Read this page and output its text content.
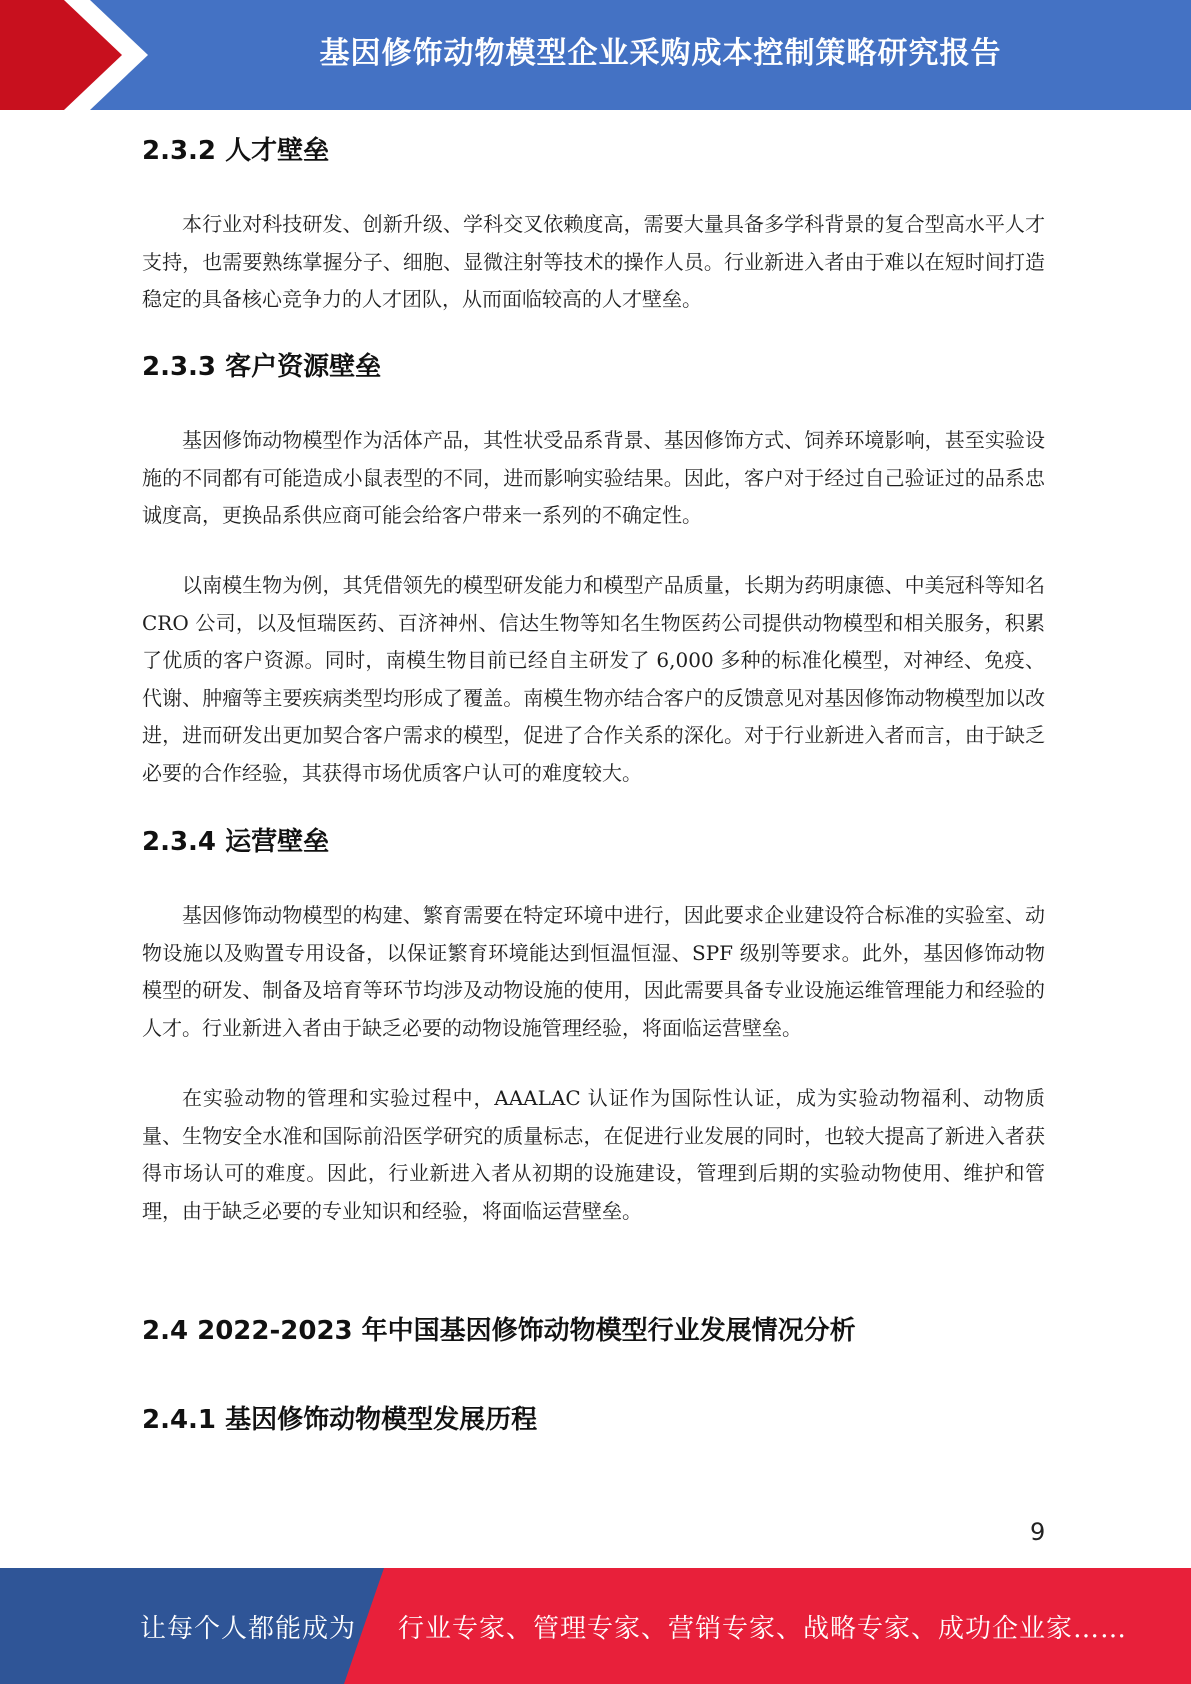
基因修饰动物模型企业采购成本控制策略研究报告
2.3.2 人才壁垒

本行业对科技研发、创新升级、学科交叉依赖度高，需要大量具备多学科背景的复合型高水平人才支持，也需要熟练掌握分子、细胞、显微注射等技术的操作人员。行业新进入者由于难以在短时间打造稳定的具备核心竞争力的人才团队，从而面临较高的人才壁垒。

2.3.3 客户资源壁垒

基因修饰动物模型作为活体产品，其性状受品系背景、基因修饰方式、饲养环境影响，甚至实验设施的不同都有可能造成小鼠表型的不同，进而影响实验结果。因此，客户对于经过自己验证过的品系忠诚度高，更换品系供应商可能会给客户带来一系列的不确定性。

以南模生物为例，其凭借领先的模型研发能力和模型产品质量，长期为药明康德、中美冠科等知名 CRO 公司，以及恒瑞医药、百济神州、信达生物等知名生物医药公司提供动物模型和相关服务，积累了优质的客户资源。同时，南模生物目前已经自主研发了 6,000 多种的标准化模型，对神经、免疫、代谢、肿瘤等主要疾病类型均形成了覆盖。南模生物亦结合客户的反馈意见对基因修饰动物模型加以改进，进而研发出更加契合客户需求的模型，促进了合作关系的深化。对于行业新进入者而言，由于缺乏必要的合作经验，其获得市场优质客户认可的难度较大。

2.3.4 运营壁垒

基因修饰动物模型的构建、繁育需要在特定环境中进行，因此要求企业建设符合标准的实验室、动物设施以及购置专用设备，以保证繁育环境能达到恒温恒湿、SPF 级别等要求。此外，基因修饰动物模型的研发、制备及培育等环节均涉及动物设施的使用，因此需要具备专业设施运维管理能力和经验的人才。行业新进入者由于缺乏必要的动物设施管理经验，将面临运营壁垒。

在实验动物的管理和实验过程中，AAALAC 认证作为国际性认证，成为实验动物福利、动物质量、生物安全水准和国际前沿医学研究的质量标志，在促进行业发展的同时，也较大提高了新进入者获得市场认可的难度。因此，行业新进入者从初期的设施建设，管理到后期的实验动物使用、维护和管理，由于缺乏必要的专业知识和经验，将面临运营壁垒。

2.4 2022-2023 年中国基因修饰动物模型行业发展情况分析
2.4.1 基因修饰动物模型发展历程
9
让每个人都能成为 行业专家、管理专家、营销专家、战略专家、成功企业家……
